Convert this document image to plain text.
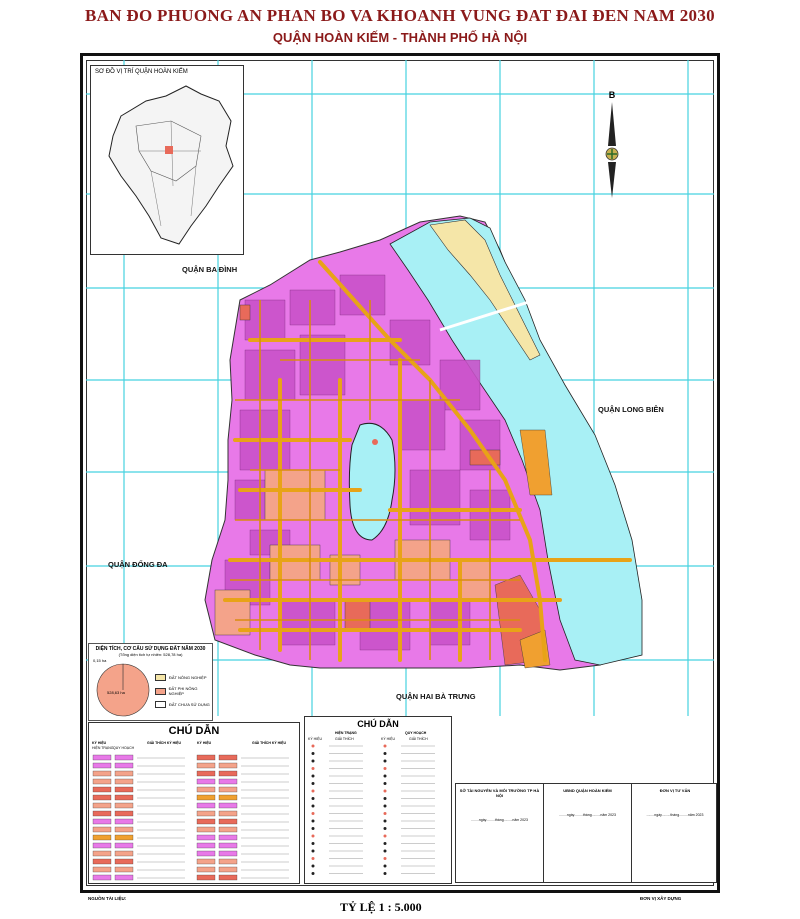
BAN ĐO PHUONG AN PHAN BO VA KHOANH VUNG ĐAT ĐAI ĐEN NAM 2030
QUẬN HOÀN KIẾM - THÀNH PHỐ HÀ NỘI
QUẬN BA ĐÌNH
QUẬN LONG BIÊN
QUẬN ĐỐNG ĐA
QUẬN HAI BÀ TRƯNG
SƠ ĐỒ VỊ TRÍ QUẬN HOÀN KIẾM
B
DIỆN TÍCH, CƠ CẤU SỬ DỤNG ĐẤT NĂM 2030
(Tổng diện tích tự nhiên: 528,78 ha)
0,15 ha
528,63 ha
ĐẤT NÔNG NGHIỆP
ĐẤT PHI NÔNG NGHIỆP
ĐẤT CHƯA SỬ DỤNG
CHÚ DẪN
KÝ HIỆU	GIẢI THÍCH KÝ HIỆU	KÝ HIỆU	GIẢI THÍCH KÝ HIỆU
HIỆN TRẠNG QUY HOẠCH
CHÚ DẪN
HIỆN TRẠNG	QUY HOẠCH
KÝ HIỆU	GIẢI THÍCH	KÝ HIỆU	GIẢI THÍCH
SỞ TÀI NGUYÊN VÀ MÔI TRƯỜNG TP HÀ NỘI
........ngày.........tháng.........năm 2023
UBND QUẬN HOÀN KIẾM
........ngày.........tháng.........năm 2023
ĐƠN VỊ TƯ VẤN
........ngày.........tháng.........năm 2023
NGUỒN TÀI LIỆU:	ĐƠN VỊ XÂY DỰNG
TỶ LỆ 1 : 5.000
